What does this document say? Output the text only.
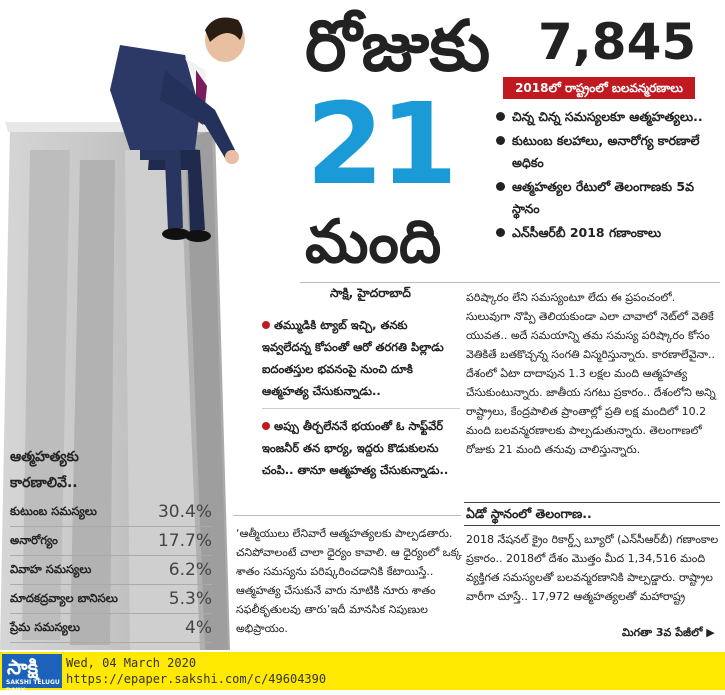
రోజుకు
21
మంది
7,845
2018లో రాష్ట్రంలో బలవన్మరణాలు
చిన్న చిన్న సమస్యలకూ ఆత్మహత్యలు..
కుటుంబ కలహాలు, అనారోగ్య కారణాలే అధికం
ఆత్మహత్యల రేటులో తెలంగాణకు 5వ స్థానం
ఎన్‌సీఆర్‌బీ 2018 గణాంకాలు
సాక్షి, హైదరాబాద్
తమ్ముడికి ట్యాబ్ ఇచ్చి, తనకు ఇవ్వలేదన్న కోపంతో ఆరో తరగతి పిల్లాడు ఐదంతస్తుల భవనంపై నుంచి దూకి ఆత్మహత్య చేసుకున్నాడు..
అప్పు తీర్చలేననే భయంతో ఓ సాఫ్ట్‌వేర్ ఇంజనీర్ తన భార్య, ఇద్దరు కొడుకులను చంపి.. తానూ ఆత్మహత్య చేసుకున్నాడు..
‘ఆత్మీయులు లేనివారే ఆత్మహత్యలకు పాల్పడతారు. చనిపోవాలంటే చాలా ధైర్యం కావాలి. ఆ ధైర్యంలో ఒక్క శాతం సమస్యను పరిష్కరించడానికి కేటాయిస్తే.. ఆత్మహత్య చేసుకునే వారు నూటికి నూరు శాతం సఫలీకృతులవు తారు’ఇదీ మానసిక నిపుణుల అభిప్రాయం.
పరిష్కారం లేని సమస్యంటూ లేదు ఈ ప్రపంచంలో. సులువుగా నొప్పి తెలియకుండా ఎలా చావాలో నెట్‌లో వెతికే యువత.. అదే సమయాన్ని తమ సమస్య పరిష్కారం కోసం వెతికితే బతకొచ్చన్న సంగతి విస్మరిస్తున్నారు. కారణాలేవైనా.. దేశంలో ఏటా దాదాపున 1.3 లక్షల మంది ఆత్మహత్య చేసుకుంటున్నారు. జాతీయ సగటు ప్రకారం.. దేశంలోని అన్ని రాష్ట్రాలు, కేంద్రపాలిత ప్రాంతాల్లో ప్రతి లక్ష మందిలో 10.2 మంది బలవన్మరణాలకు పాల్పడుతున్నారు. తెలంగాణలో రోజుకు 21 మంది తనువు చాలిస్తున్నారు.
ఏడో స్థానంలో తెలంగాణ..
2018 నేషనల్ క్రైం రికార్డ్స్ బ్యూరో (ఎన్‌సీఆర్‌బీ) గణాంకాల ప్రకారం.. 2018లో దేశం మొత్తం మీద 1,34,516 మంది వ్యక్తిగత సమస్యలతో బలవన్మరణానికి పాల్పడ్డారు. రాష్ట్రాల వారీగా చూస్తే.. 17,972 ఆత్మహత్యలతో మహారాష్ట్ర
మిగతా 3వ పేజీలో ▶
ఆత్మహత్యకు
కారణాలివే..
కుటుంబ సమస్యలు	30.4%
అనారోగ్యం	17.7%
వివాహ సమస్యలు	6.2%
మాదకద్రవ్యాల బానిసలు	5.3%
ప్రేమ సమస్యలు	4%
సాక్షి
SAKSHI TELUGU DAILY
Wed, 04 March 2020
https://epaper.sakshi.com/c/49604390
